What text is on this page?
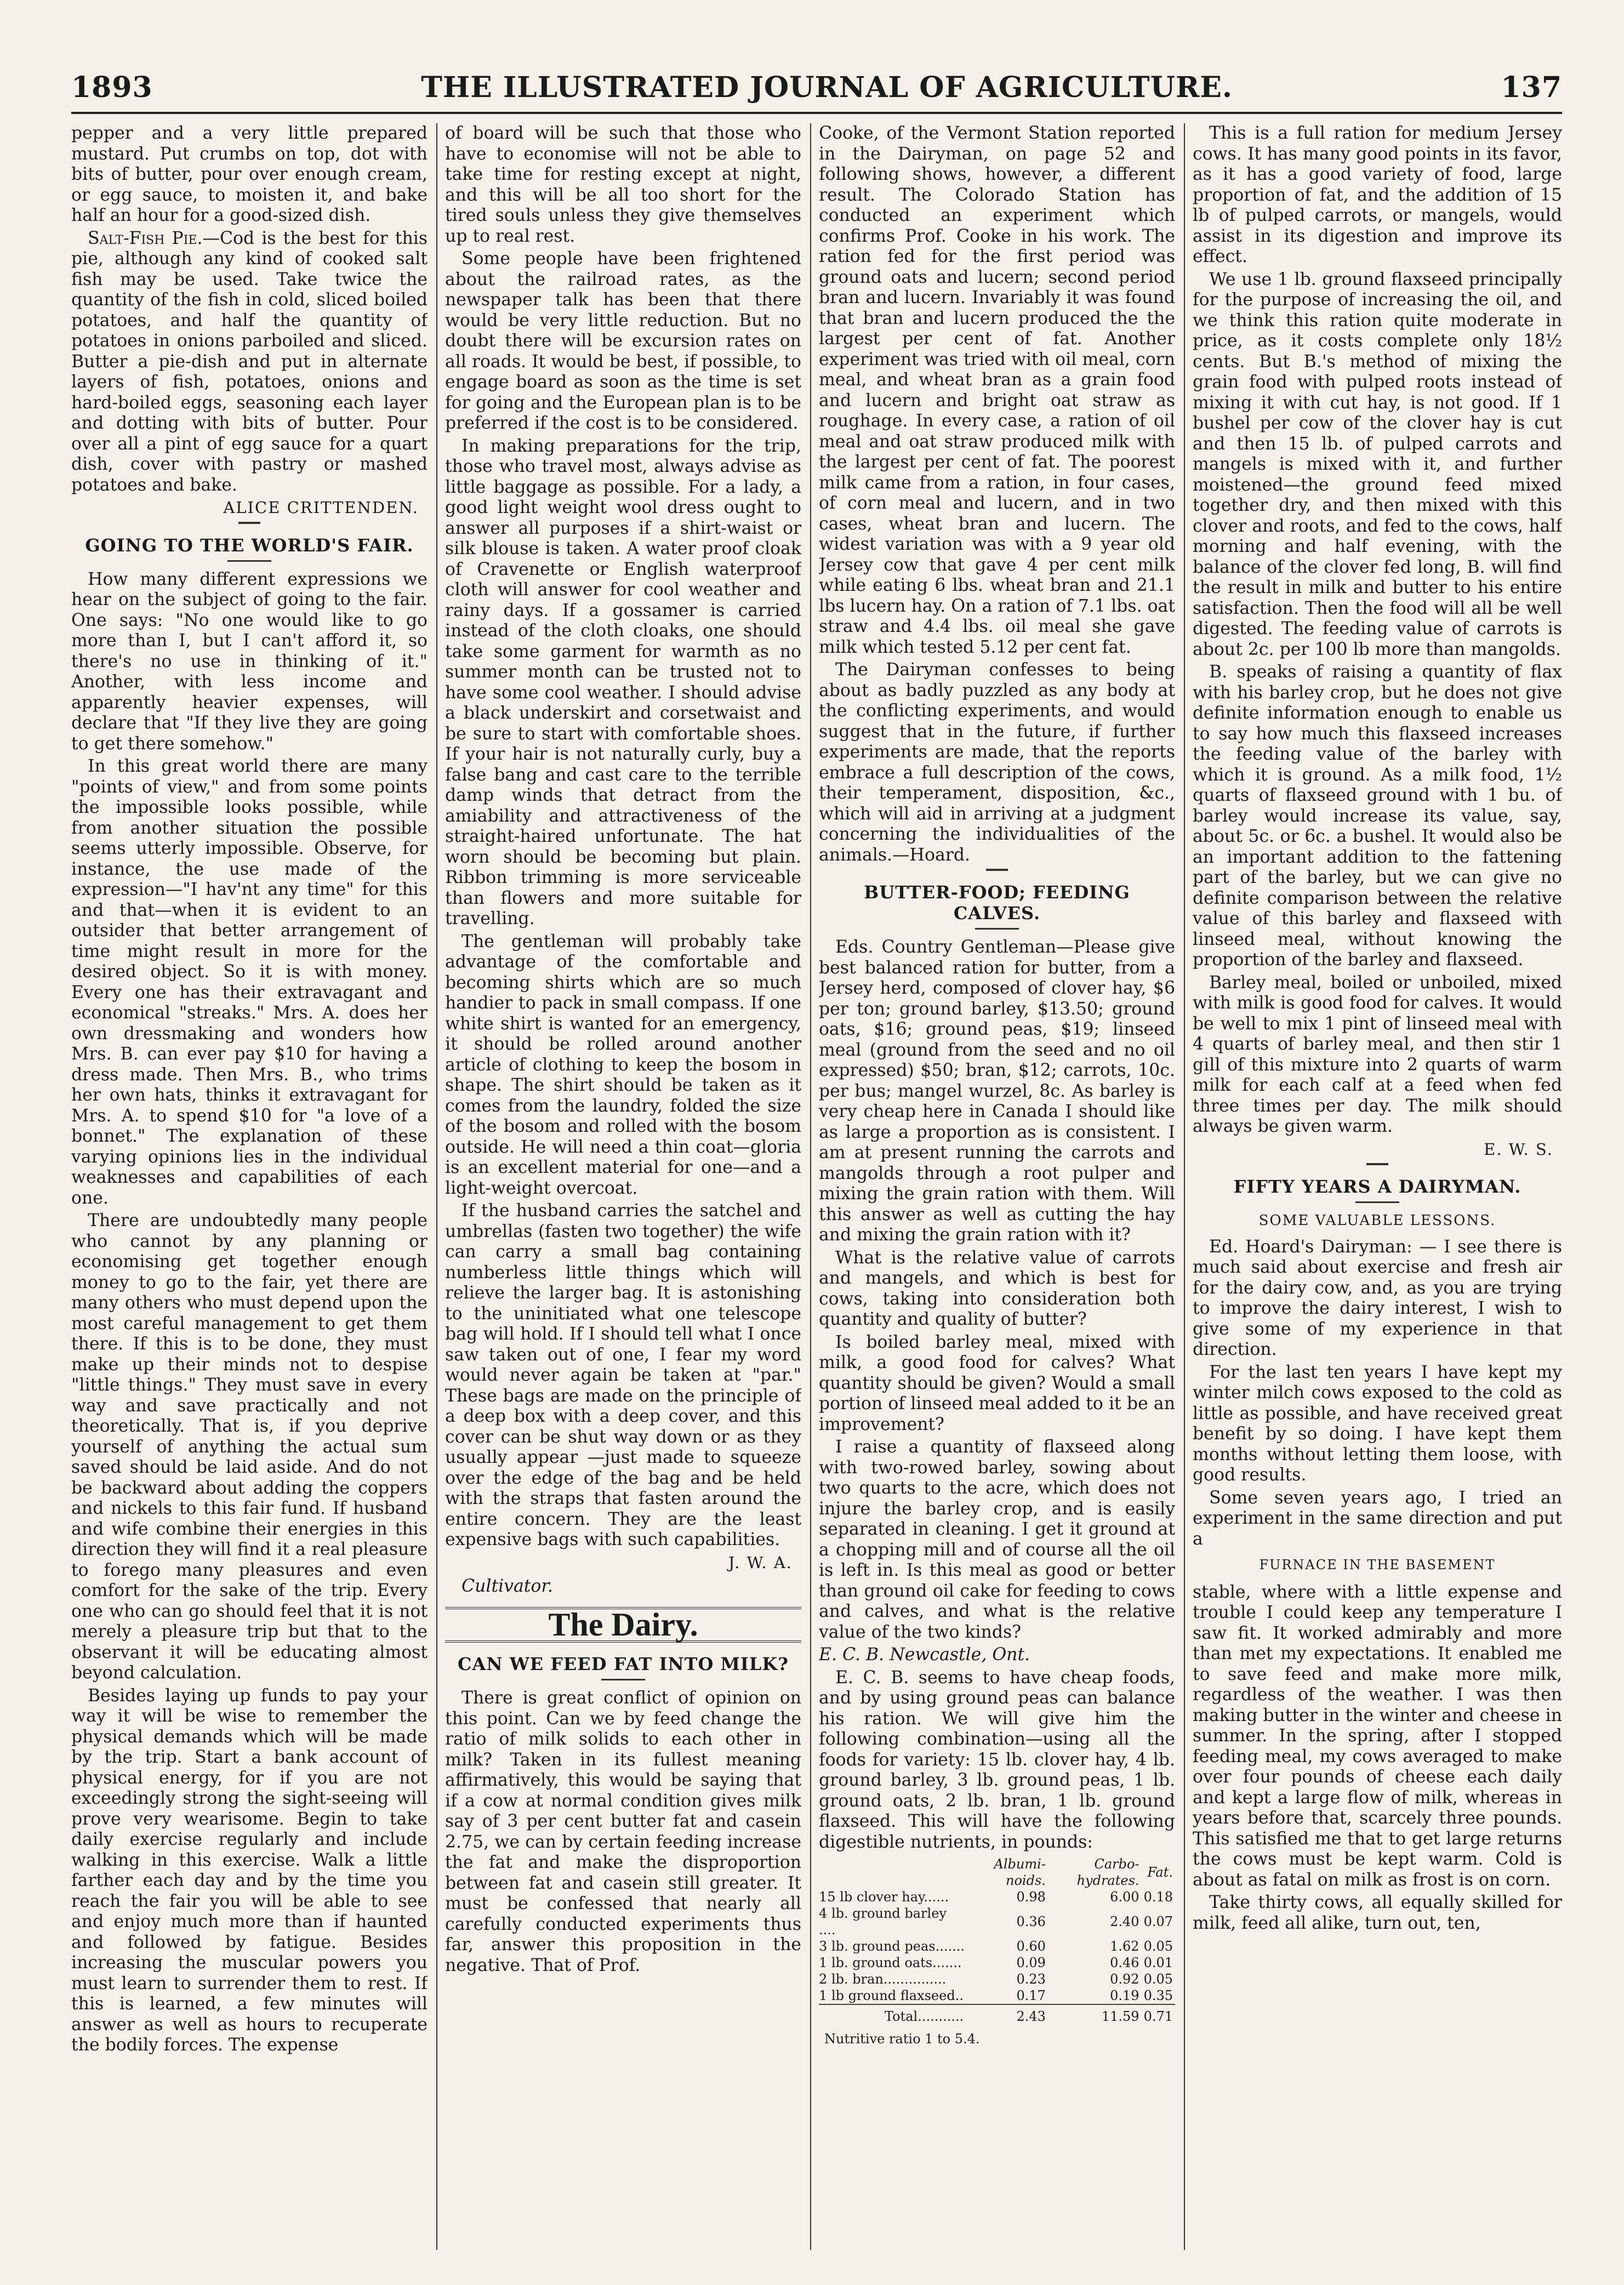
1893	THE ILLUSTRATED JOURNAL OF AGRICULTURE.	137

pepper and a very little prepared mustard. Put crumbs on top, dot with bits of butter, pour over enough cream, or egg sauce, to moisten it, and bake half an hour for a good-sized dish.

Salt-Fish Pie.—Cod is the best for this pie, although any kind of cooked salt fish may be used. Take twice the quantity of the fish in cold, sliced boiled potatoes, and half the quantity of potatoes in onions parboiled and sliced. Butter a pie-dish and put in alternate layers of fish, potatoes, onions and hard-boiled eggs, seasoning each layer and dotting with bits of butter. Pour over all a pint of egg sauce for a quart dish, cover with pastry or mashed potatoes and bake.

ALICE CRITTENDEN.
GOING TO THE WORLD'S FAIR.

How many different expressions we hear on the subject of going to the fair. One says: "No one would like to go more than I, but I can't afford it, so there's no use in thinking of it." Another, with less income and apparently heavier expenses, will declare that "If they live they are going to get there somehow."

In this great world there are many "points of view," and from some points the impossible looks possible, while from another situation the possible seems utterly impossible. Observe, for instance, the use made of the expression—"I hav'nt any time" for this and that—when it is evident to an outsider that better arrangement of time might result in more for the desired object. So it is with money. Every one has their extravagant and economical "streaks." Mrs. A. does her own dressmaking and wonders how Mrs. B. can ever pay $10 for having a dress made. Then Mrs. B., who trims her own hats, thinks it extravagant for Mrs. A. to spend $10 for "a love of a bonnet." The explanation of these varying opinions lies in the individual weaknesses and capabilities of each one.

There are undoubtedly many people who cannot by any planning or economising get together enough money to go to the fair, yet there are many others who must depend upon the most careful management to get them there. If this is to be done, they must make up their minds not to despise "little things." They must save in every way and save practically and not theoretically. That is, if you deprive yourself of anything the actual sum saved should be laid aside. And do not be backward about adding the coppers and nickels to this fair fund. If husband and wife combine their energies in this direction they will find it a real pleasure to forego many pleasures and even comfort for the sake of the trip. Every one who can go should feel that it is not merely a pleasure trip but that to the observant it will be educating almost beyond calculation.

Besides laying up funds to pay your way it will be wise to remember the physical demands which will be made by the trip. Start a bank account of physical energy, for if you are not exceedingly strong the sight-seeing will prove very wearisome. Begin to take daily exercise regularly and include walking in this exercise. Walk a little farther each day and by the time you reach the fair you will be able to see and enjoy much more than if haunted and followed by fatigue. Besides increasing the muscular powers you must learn to surrender them to rest. If this is learned, a few minutes will answer as well as hours to recuperate the bodily forces. The expense

of board will be such that those who have to economise will not be able to take time for resting except at night, and this will be all too short for the tired souls unless they give themselves up to real rest.

Some people have been frightened about the railroad rates, as the newspaper talk has been that there would be very little reduction. But no doubt there will be excursion rates on all roads. It would be best, if possible, to engage board as soon as the time is set for going and the European plan is to be preferred if the cost is to be considered.

In making preparations for the trip, those who travel most, always advise as little baggage as possible. For a lady, a good light weight wool dress ought to answer all purposes if a shirt-waist or silk blouse is taken. A water proof cloak of Cravenette or English waterproof cloth will answer for cool weather and rainy days. If a gossamer is carried instead of the cloth cloaks, one should take some garment for warmth as no summer month can be trusted not to have some cool weather. I should advise a black underskirt and corsetwaist and be sure to start with comfortable shoes. If your hair is not naturally curly, buy a false bang and cast care to the terrible damp winds that detract from the amiability and attractiveness of the straight-haired unfortunate. The hat worn should be becoming but plain. Ribbon trimming is more serviceable than flowers and more suitable for travelling.

The gentleman will probably take advantage of the comfortable and becoming shirts which are so much handier to pack in small compass. If one white shirt is wanted for an emergency, it should be rolled around another article of clothing to keep the bosom in shape. The shirt should be taken as it comes from the laundry, folded the size of the bosom and rolled with the bosom outside. He will need a thin coat—gloria is an excellent material for one—and a light-weight overcoat.

If the husband carries the satchel and umbrellas (fasten two together) the wife can carry a small bag containing numberless little things which will relieve the larger bag. It is astonishing to the uninitiated what one telescope bag will hold. If I should tell what I once saw taken out of one, I fear my word would never again be taken at "par." These bags are made on the principle of a deep box with a deep cover, and this cover can be shut way down or as they usually appear —just made to squeeze over the edge of the bag and be held with the straps that fasten around the entire concern. They are the least expensive bags with such capabilities.

J. W. A.
Cultivator.
The Dairy.
CAN WE FEED FAT INTO MILK?

There is great conflict of opinion on this point. Can we by feed change the ratio of milk solids to each other in milk? Taken in its fullest meaning affirmatively, this would be saying that if a cow at normal condition gives milk say of 3 per cent butter fat and casein 2.75, we can by certain feeding increase the fat and make the disproportion between fat and casein still greater. It must be confessed that nearly all carefully conducted experiments thus far, answer this proposition in the negative. That of Prof.

Cooke, of the Vermont Station reported in the Dairyman, on page 52 and following shows, however, a different result. The Colorado Station has conducted an experiment which confirms Prof. Cooke in his work. The ration fed for the first period was ground oats and lucern; second period bran and lucern. Invariably it was found that bran and lucern produced the the largest per cent of fat. Another experiment was tried with oil meal, corn meal, and wheat bran as a grain food and lucern and bright oat straw as roughage. In every case, a ration of oil meal and oat straw produced milk with the largest per cent of fat. The poorest milk came from a ration, in four cases, of corn meal and lucern, and in two cases, wheat bran and lucern. The widest variation was with a 9 year old Jersey cow that gave 4 per cent milk while eating 6 lbs. wheat bran and 21.1 lbs lucern hay. On a ration of 7.1 lbs. oat straw and 4.4 lbs. oil meal she gave milk which tested 5.12 per cent fat.

The Dairyman confesses to being about as badly puzzled as any body at the conflicting experiments, and would suggest that in the future, if further experiments are made, that the reports embrace a full description of the cows, their temperament, disposition, &c., which will aid in arriving at a judgment concerning the individualities of the animals.—Hoard.

BUTTER-FOOD; FEEDING CALVES.

Eds. Country Gentleman—Please give best balanced ration for butter, from a Jersey herd, composed of clover hay, $6 per ton; ground barley, $13.50; ground oats, $16; ground peas, $19; linseed meal (ground from the seed and no oil expressed) $50; bran, $12; carrots, 10c. per bus; mangel wurzel, 8c. As barley is very cheap here in Canada I should like as large a proportion as is consistent. I am at present running the carrots and mangolds through a root pulper and mixing the grain ration with them. Will this answer as well as cutting the hay and mixing the grain ration with it?

What is the relative value of carrots and mangels, and which is best for cows, taking into consideration both quantity and quality of butter?

Is boiled barley meal, mixed with milk, a good food for calves? What quantity should be given? Would a small portion of linseed meal added to it be an improvement?

I raise a quantity of flaxseed along with two-rowed barley, sowing about two quarts to the acre, which does not injure the barley crop, and is easily separated in cleaning. I get it ground at a chopping mill and of course all the oil is left in. Is this meal as good or better than ground oil cake for feeding to cows and calves, and what is the relative value of the two kinds?

E. C. B. Newcastle, Ont.

E. C. B. seems to have cheap foods, and by using ground peas can balance his ration. We will give him the following combination—using all the foods for variety: 15 lb. clover hay, 4 lb. ground barley, 3 lb. ground peas, 1 lb. ground oats, 2 lb. bran, 1 lb. ground flaxseed. This will have the following digestible nutrients, in pounds:

	Albumi-noids.	Carbo-hydrates.	Fat.
15 lb clover hay......	0.98	6.00	0.18
4 lb. ground barley ....	0.36	2.40	0.07
3 lb. ground peas.......	0.60	1.62	0.05
1 lb. ground oats.......	0.09	0.46	0.01
2 lb. bran...............	0.23	0.92	0.05
1 lb ground flaxseed..	0.17	0.19	0.35
Total...........	2.43	11.59	0.71
Nutritive ratio 1 to 5.4.

This is a full ration for medium Jersey cows. It has many good points in its favor, as it has a good variety of food, large proportion of fat, and the addition of 15 lb of pulped carrots, or mangels, would assist in its digestion and improve its effect.

We use 1 lb. ground flaxseed principally for the purpose of increasing the oil, and we think this ration quite moderate in price, as it costs complete only 18½ cents. But B.'s method of mixing the grain food with pulped roots instead of mixing it with cut hay, is not good. If 1 bushel per cow of the clover hay is cut and then 15 lb. of pulped carrots and mangels is mixed with it, and further moistened—the ground feed mixed together dry, and then mixed with this clover and roots, and fed to the cows, half morning and half evening, with the balance of the clover fed long, B. will find the result in milk and butter to his entire satisfaction. Then the food will all be well digested. The feeding value of carrots is about 2c. per 100 lb more than mangolds.

B. speaks of raising a quantity of flax with his barley crop, but he does not give definite information enough to enable us to say how much this flaxseed increases the feeding value of the barley with which it is ground. As a milk food, 1½ quarts of flaxseed ground with 1 bu. of barley would increase its value, say, about 5c. or 6c. a bushel. It would also be an important addition to the fattening part of the barley, but we can give no definite comparison between the relative value of this barley and flaxseed with linseed meal, without knowing the proportion of the barley and flaxseed.

Barley meal, boiled or unboiled, mixed with milk is good food for calves. It would be well to mix 1 pint of linseed meal with 4 quarts of barley meal, and then stir 1 gill of this mixture into 2 quarts of warm milk for each calf at a feed when fed three times per day. The milk should always be given warm.

E. W. S.
FIFTY YEARS A DAIRYMAN.
SOME VALUABLE LESSONS.

Ed. Hoard's Dairyman: — I see there is much said about exercise and fresh air for the dairy cow, and, as you are trying to improve the dairy interest, I wish to give some of my experience in that direction.

For the last ten years I have kept my winter milch cows exposed to the cold as little as possible, and have received great benefit by so doing. I have kept them months without letting them loose, with good results.

Some seven years ago, I tried an experiment in the same direction and put a

FURNACE IN THE BASEMENT

stable, where with a little expense and trouble I could keep any temperature I saw fit. It worked admirably and more than met my expectations. It enabled me to save feed and make more milk, regardless of the weather. I was then making butter in the winter and cheese in summer. In the spring, after I stopped feeding meal, my cows averaged to make over four pounds of cheese each daily and kept a large flow of milk, whereas in years before that, scarcely three pounds. This satisfied me that to get large returns the cows must be kept warm. Cold is about as fatal on milk as frost is on corn.

Take thirty cows, all equally skilled for milk, feed all alike, turn out, ten,
